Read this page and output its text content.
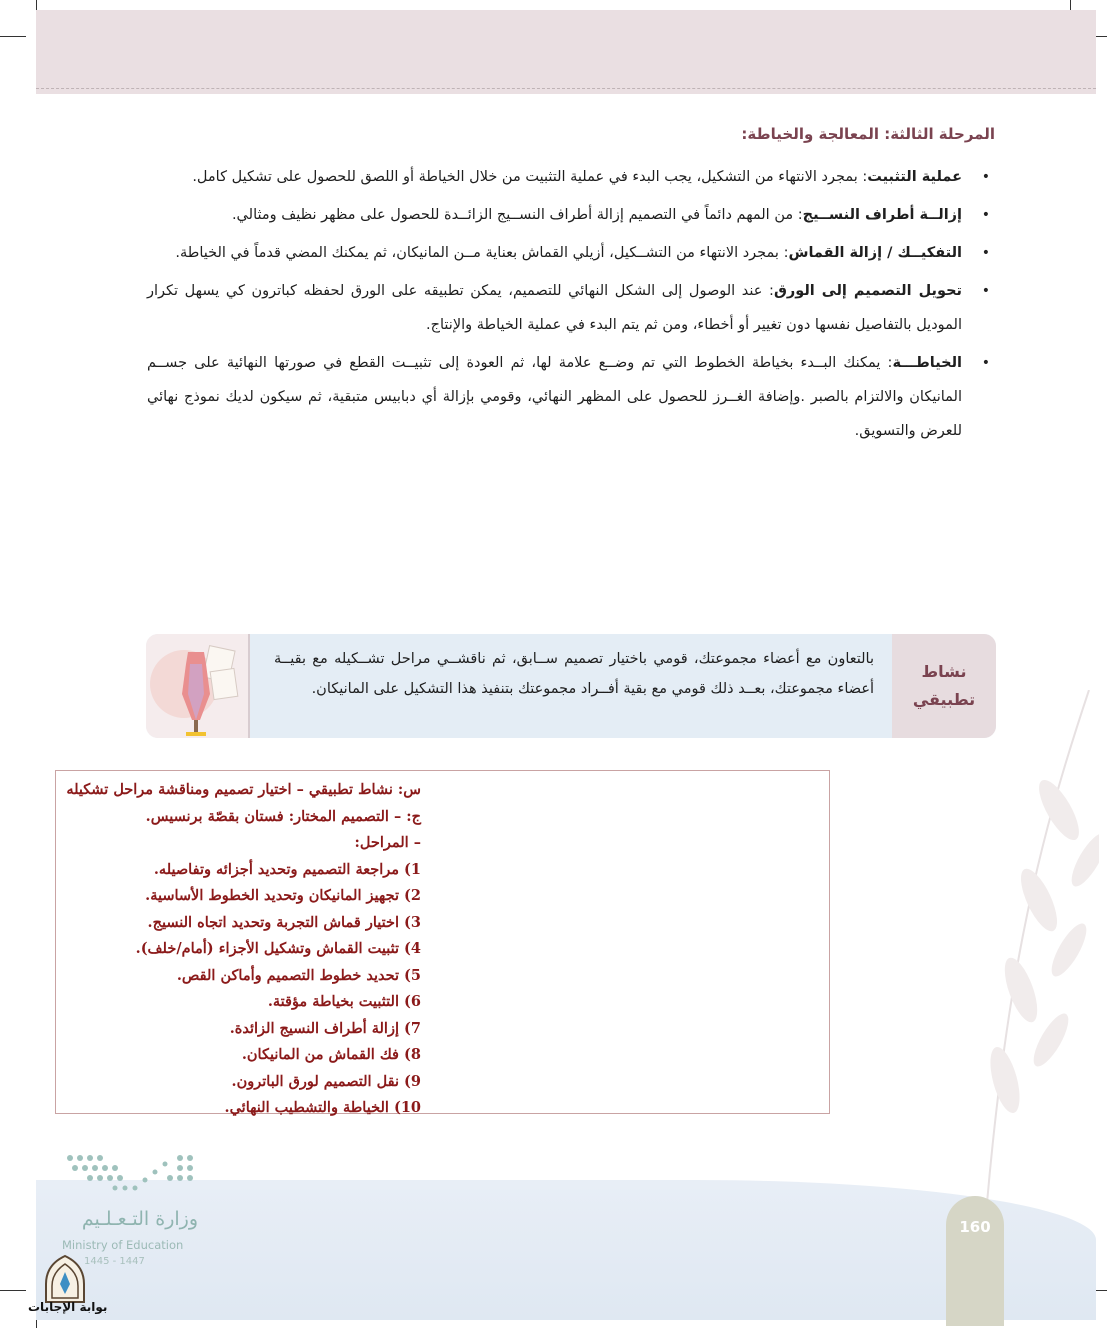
المرحلة الثالثة: المعالجة والخياطة:
• عملية التثبيت: بمجرد الانتهاء من التشكيل، يجب البدء في عملية التثبيت من خلال الخياطة أو اللصق للحصول على تشكيل كامل.
• إزالــة أطراف النســيج: من المهم دائماً في التصميم إزالة أطراف النســيج الزائــدة للحصول على مظهر نظيف ومثالي.
• التفكيــك / إزالة القماش: بمجرد الانتهاء من التشــكيل، أزيلي القماش بعناية مــن المانيكان، ثم يمكنك المضي قدماً في الخياطة.
• تحويل التصميم إلى الورق: عند الوصول إلى الشكل النهائي للتصميم، يمكن تطبيقه على الورق لحفظه كباترون كي يسهل تكرار الموديل بالتفاصيل نفسها دون تغيير أو أخطاء، ومن ثم يتم البدء في عملية الخياطة والإنتاج.
• الخياطـــة: يمكنك البــدء بخياطة الخطوط التي تم وضــع علامة لها، ثم العودة إلى تثبيــت القطع في صورتها النهائية على جســم المانيكان والالتزام بالصبر .وإضافة الغــرز للحصول على المظهر النهائي، وقومي بإزالة أي دبابيس متبقية، ثم سيكون لديك نموذج نهائي للعرض والتسويق.
نشاط
تطبيقي
بالتعاون مع أعضاء مجموعتك، قومي باختيار تصميم ســابق، ثم ناقشــي مراحل تشــكيله مع بقيــة أعضاء مجموعتك، بعــد ذلك قومي مع بقية أفــراد مجموعتك بتنفيذ هذا التشكيل على المانيكان.
س: نشاط تطبيقي – اختيار تصميم ومناقشة مراحل تشكيله
ج: – التصميم المختار: فستان بقصّة برنسيس.
– المراحل:
1) مراجعة التصميم وتحديد أجزائه وتفاصيله.
2) تجهيز المانيكان وتحديد الخطوط الأساسية.
3) اختيار قماش التجربة وتحديد اتجاه النسيج.
4) تثبيت القماش وتشكيل الأجزاء (أمام/خلف).
5) تحديد خطوط التصميم وأماكن القص.
6) التثبيت بخياطة مؤقتة.
7) إزالة أطراف النسيج الزائدة.
8) فك القماش من المانيكان.
9) نقل التصميم لورق الباترون.
10) الخياطة والتشطيب النهائي.
وزارة التـعـلـيم
Ministry of Education
1445 - 1447
160
بوابة الإجابات
